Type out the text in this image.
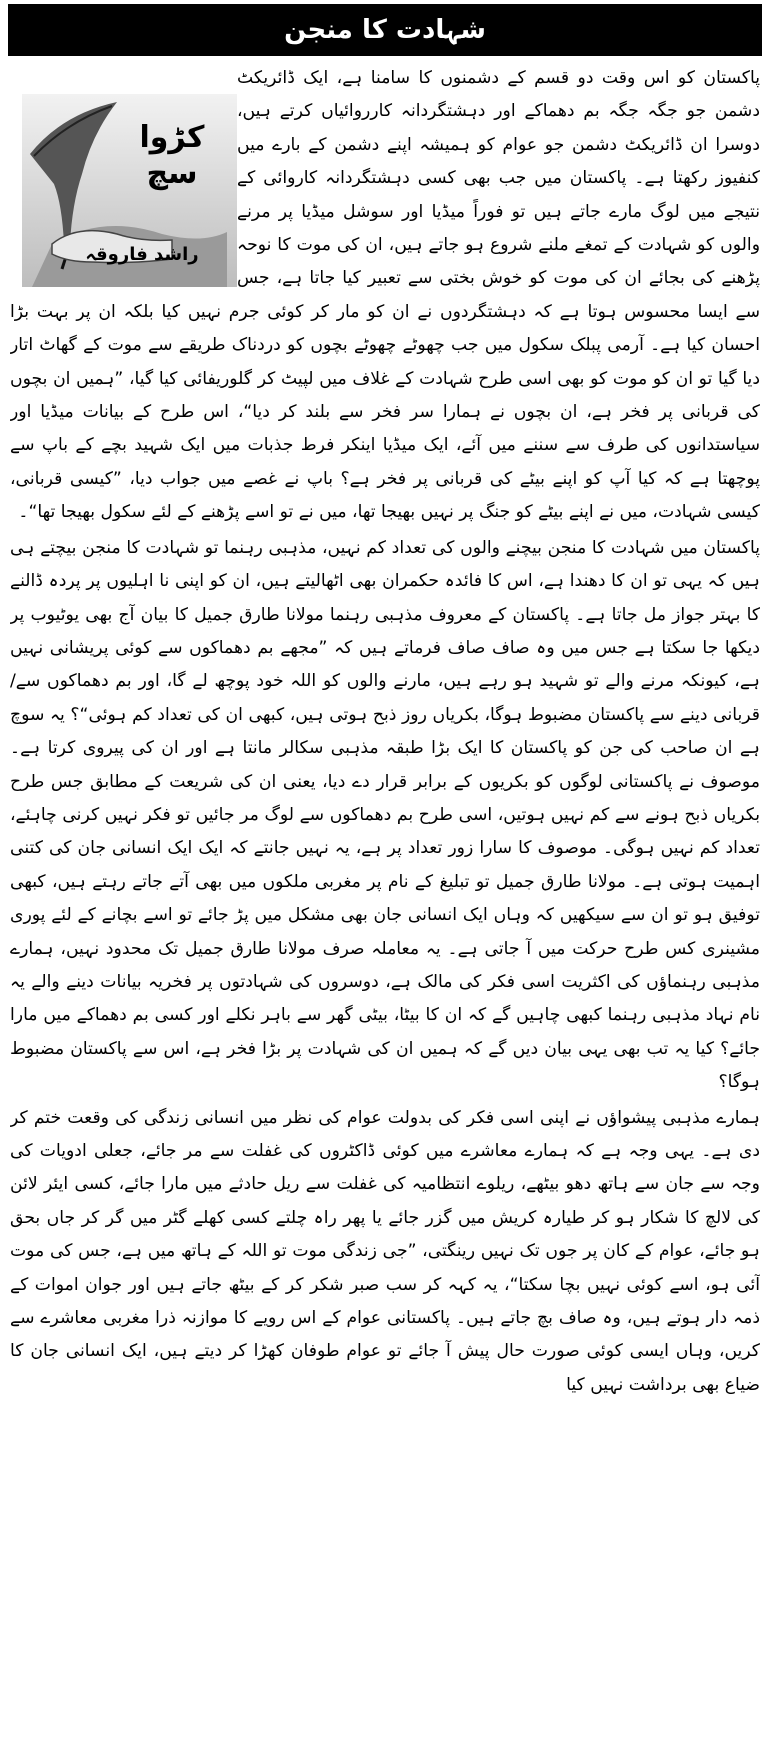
شہادت کا منجن
کڑوا سچ
راشد فاروقہ

پاکستان کو اس وقت دو قسم کے دشمنوں کا سامنا ہے، ایک ڈائریکٹ دشمن جو جگہ جگہ بم دھماکے اور دہشتگردانہ کارروائیاں کرتے ہیں، دوسرا ان ڈائریکٹ دشمن جو عوام کو ہمیشہ اپنے دشمن کے بارے میں کنفیوز رکھتا ہے۔ پاکستان میں جب بھی کسی دہشتگردانہ کاروائی کے نتیجے میں لوگ مارے جاتے ہیں تو فوراً میڈیا اور سوشل میڈیا پر مرنے والوں کو شہادت کے تمغے ملنے شروع ہو جاتے ہیں، ان کی موت کا نوحہ پڑھنے کی بجائے ان کی موت کو خوش بختی سے تعبیر کیا جاتا ہے، جس سے ایسا محسوس ہوتا ہے کہ دہشتگردوں نے ان کو مار کر کوئی جرم نہیں کیا بلکہ ان پر بہت بڑا احسان کیا ہے۔ آرمی پبلک سکول میں جب چھوٹے چھوٹے بچوں کو دردناک طریقے سے موت کے گھاٹ اتار دیا گیا تو ان کو موت کو بھی اسی طرح شہادت کے غلاف میں لپیٹ کر گلوریفائی کیا گیا، ”ہمیں ان بچوں کی قربانی پر فخر ہے، ان بچوں نے ہمارا سر فخر سے بلند کر دیا“، اس طرح کے بیانات میڈیا اور سیاستدانوں کی طرف سے سننے میں آئے، ایک میڈیا اینکر فرط جذبات میں ایک شہید بچے کے باپ سے پوچھتا ہے کہ کیا آپ کو اپنے بیٹے کی قربانی پر فخر ہے؟ باپ نے غصے میں جواب دیا، ”کیسی قربانی، کیسی شہادت، میں نے اپنے بیٹے کو جنگ پر نہیں بھیجا تھا، میں نے تو اسے پڑھنے کے لئے سکول بھیجا تھا“۔

پاکستان میں شہادت کا منجن بیچنے والوں کی تعداد کم نہیں، مذہبی رہنما تو شہادت کا منجن بیچتے ہی ہیں کہ یہی تو ان کا دھندا ہے، اس کا فائدہ حکمران بھی اٹھالیتے ہیں، ان کو اپنی نا اہلیوں پر پردہ ڈالنے کا بہتر جواز مل جاتا ہے۔ پاکستان کے معروف مذہبی رہنما مولانا طارق جمیل کا بیان آج بھی یوٹیوب پر دیکھا جا سکتا ہے جس میں وہ صاف صاف فرماتے ہیں کہ ”مجھے بم دھماکوں سے کوئی پریشانی نہیں ہے، کیونکہ مرنے والے تو شہید ہو رہے ہیں، مارنے والوں کو اللہ خود پوچھ لے گا، اور بم دھماکوں سے/قربانی دینے سے پاکستان مضبوط ہوگا، بکریاں روز ذبح ہوتی ہیں، کبھی ان کی تعداد کم ہوئی“؟ یہ سوچ ہے ان صاحب کی جن کو پاکستان کا ایک بڑا طبقہ مذہبی سکالر مانتا ہے اور ان کی پیروی کرتا ہے۔ موصوف نے پاکستانی لوگوں کو بکریوں کے برابر قرار دے دیا، یعنی ان کی شریعت کے مطابق جس طرح بکریاں ذبح ہونے سے کم نہیں ہوتیں، اسی طرح بم دھماکوں سے لوگ مر جائیں تو فکر نہیں کرنی چاہئے، تعداد کم نہیں ہوگی۔ موصوف کا سارا زور تعداد پر ہے، یہ نہیں جانتے کہ ایک ایک انسانی جان کی کتنی اہمیت ہوتی ہے۔ مولانا طارق جمیل تو تبلیغ کے نام پر مغربی ملکوں میں بھی آتے جاتے رہتے ہیں، کبھی توفیق ہو تو ان سے سیکھیں کہ وہاں ایک انسانی جان بھی مشکل میں پڑ جائے تو اسے بچانے کے لئے پوری مشینری کس طرح حرکت میں آ جاتی ہے۔ یہ معاملہ صرف مولانا طارق جمیل تک محدود نہیں، ہمارے مذہبی رہنماؤں کی اکثریت اسی فکر کی مالک ہے، دوسروں کی شہادتوں پر فخریہ بیانات دینے والے یہ نام نہاد مذہبی رہنما کبھی چاہیں گے کہ ان کا بیٹا، بیٹی گھر سے باہر نکلے اور کسی بم دھماکے میں مارا جائے؟ کیا یہ تب بھی یہی بیان دیں گے کہ ہمیں ان کی شہادت پر بڑا فخر ہے، اس سے پاکستان مضبوط ہوگا؟

ہمارے مذہبی پیشواؤں نے اپنی اسی فکر کی بدولت عوام کی نظر میں انسانی زندگی کی وقعت ختم کر دی ہے۔ یہی وجہ ہے کہ ہمارے معاشرے میں کوئی ڈاکٹروں کی غفلت سے مر جائے، جعلی ادویات کی وجہ سے جان سے ہاتھ دھو بیٹھے، ریلوے انتظامیہ کی غفلت سے ریل حادثے میں مارا جائے، کسی ایئر لائن کی لالچ کا شکار ہو کر طیارہ کریش میں گزر جائے یا پھر راہ چلتے کسی کھلے گٹر میں گر کر جاں بحق ہو جائے، عوام کے کان پر جوں تک نہیں رینگتی، ”جی زندگی موت تو اللہ کے ہاتھ میں ہے، جس کی موت آئی ہو، اسے کوئی نہیں بچا سکتا“، یہ کہہ کر سب صبر شکر کر کے بیٹھ جاتے ہیں اور جوان اموات کے ذمہ دار ہوتے ہیں، وہ صاف بچ جاتے ہیں۔ پاکستانی عوام کے اس رویے کا موازنہ ذرا مغربی معاشرے سے کریں، وہاں ایسی کوئی صورت حال پیش آ جائے تو عوام طوفان کھڑا کر دیتے ہیں، ایک انسانی جان کا ضیاع بھی برداشت نہیں کیا
